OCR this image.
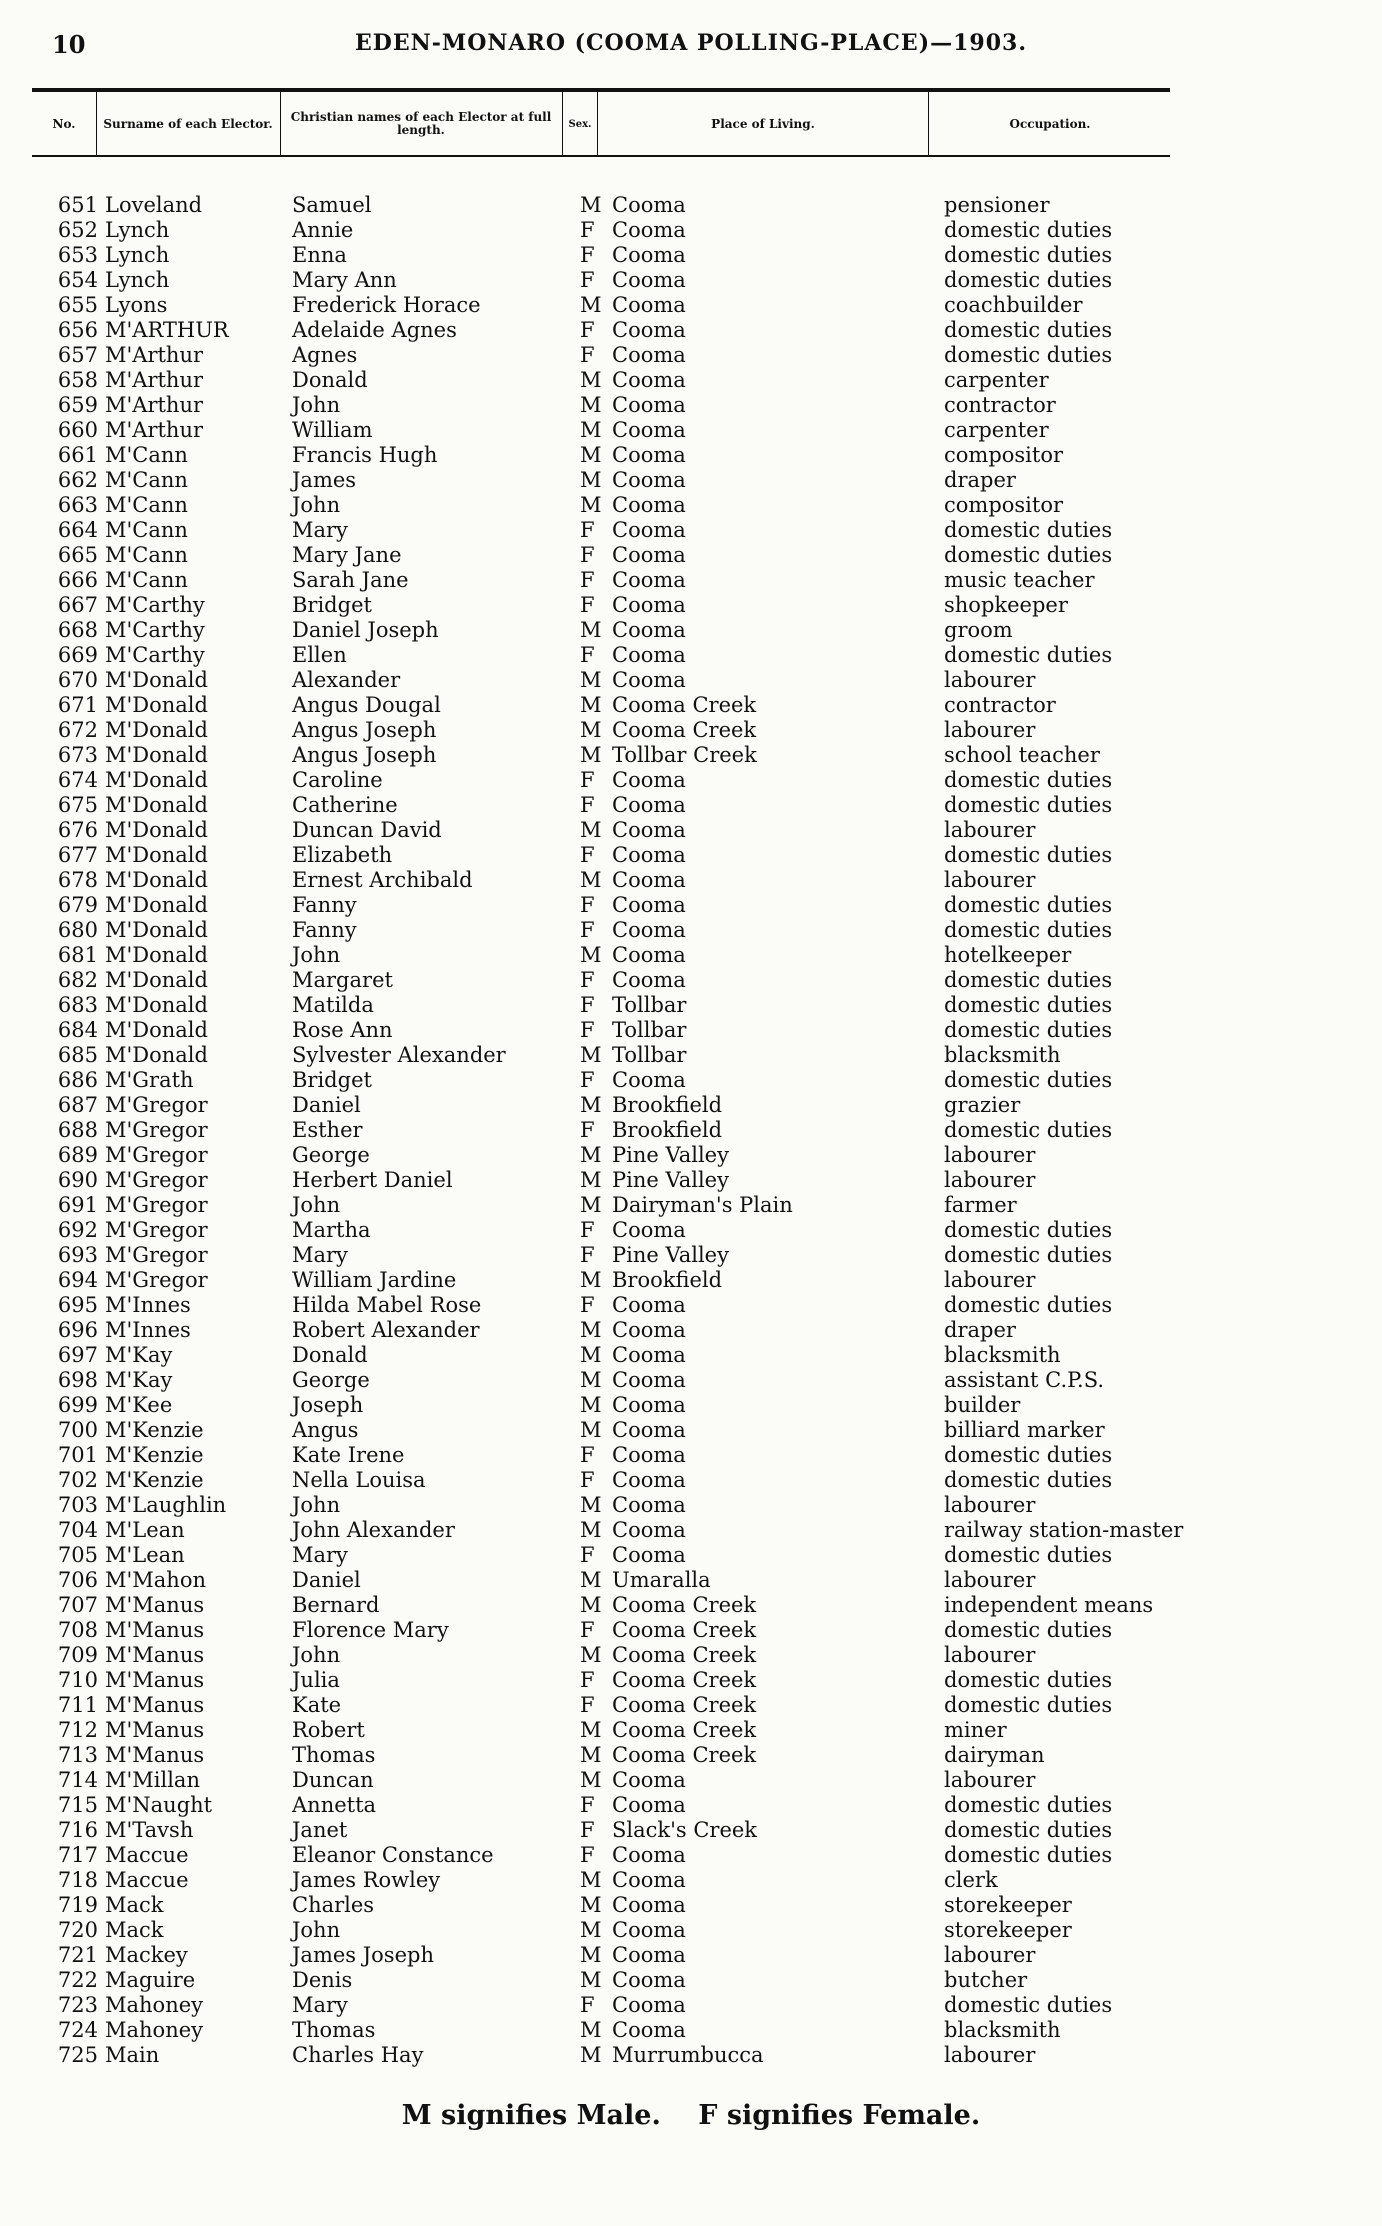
10	EDEN-MONARO (COOMA POLLING-PLACE)—1903.
No.	Surname of each Elector.	Christian names of each Elector at full length.	Sex.	Place of Living.	Occupation.
651 Loveland	Samuel	M Cooma	pensioner
652 Lynch	Annie	F Cooma	domestic duties
653 Lynch	Enna	F Cooma	domestic duties
654 Lynch	Mary Ann	F Cooma	domestic duties
655 Lyons	Frederick Horace	M Cooma	coachbuilder
656 M'ARTHUR	Adelaide Agnes	F Cooma	domestic duties
657 M'Arthur	Agnes	F Cooma	domestic duties
658 M'Arthur	Donald	M Cooma	carpenter
659 M'Arthur	John	M Cooma	contractor
660 M'Arthur	William	M Cooma	carpenter
661 M'Cann	Francis Hugh	M Cooma	compositor
662 M'Cann	James	M Cooma	draper
663 M'Cann	John	M Cooma	compositor
664 M'Cann	Mary	F Cooma	domestic duties
665 M'Cann	Mary Jane	F Cooma	domestic duties
666 M'Cann	Sarah Jane	F Cooma	music teacher
667 M'Carthy	Bridget	F Cooma	shopkeeper
668 M'Carthy	Daniel Joseph	M Cooma	groom
669 M'Carthy	Ellen	F Cooma	domestic duties
670 M'Donald	Alexander	M Cooma	labourer
671 M'Donald	Angus Dougal	M Cooma Creek	contractor
672 M'Donald	Angus Joseph	M Cooma Creek	labourer
673 M'Donald	Angus Joseph	M Tollbar Creek	school teacher
674 M'Donald	Caroline	F Cooma	domestic duties
675 M'Donald	Catherine	F Cooma	domestic duties
676 M'Donald	Duncan David	M Cooma	labourer
677 M'Donald	Elizabeth	F Cooma	domestic duties
678 M'Donald	Ernest Archibald	M Cooma	labourer
679 M'Donald	Fanny	F Cooma	domestic duties
680 M'Donald	Fanny	F Cooma	domestic duties
681 M'Donald	John	M Cooma	hotelkeeper
682 M'Donald	Margaret	F Cooma	domestic duties
683 M'Donald	Matilda	F Tollbar	domestic duties
684 M'Donald	Rose Ann	F Tollbar	domestic duties
685 M'Donald	Sylvester Alexander	M Tollbar	blacksmith
686 M'Grath	Bridget	F Cooma	domestic duties
687 M'Gregor	Daniel	M Brookfield	grazier
688 M'Gregor	Esther	F Brookfield	domestic duties
689 M'Gregor	George	M Pine Valley	labourer
690 M'Gregor	Herbert Daniel	M Pine Valley	labourer
691 M'Gregor	John	M Dairyman's Plain	farmer
692 M'Gregor	Martha	F Cooma	domestic duties
693 M'Gregor	Mary	F Pine Valley	domestic duties
694 M'Gregor	William Jardine	M Brookfield	labourer
695 M'Innes	Hilda Mabel Rose	F Cooma	domestic duties
696 M'Innes	Robert Alexander	M Cooma	draper
697 M'Kay	Donald	M Cooma	blacksmith
698 M'Kay	George	M Cooma	assistant C.P.S.
699 M'Kee	Joseph	M Cooma	builder
700 M'Kenzie	Angus	M Cooma	billiard marker
701 M'Kenzie	Kate Irene	F Cooma	domestic duties
702 M'Kenzie	Nella Louisa	F Cooma	domestic duties
703 M'Laughlin	John	M Cooma	labourer
704 M'Lean	John Alexander	M Cooma	railway station-master
705 M'Lean	Mary	F Cooma	domestic duties
706 M'Mahon	Daniel	M Umaralla	labourer
707 M'Manus	Bernard	M Cooma Creek	independent means
708 M'Manus	Florence Mary	F Cooma Creek	domestic duties
709 M'Manus	John	M Cooma Creek	labourer
710 M'Manus	Julia	F Cooma Creek	domestic duties
711 M'Manus	Kate	F Cooma Creek	domestic duties
712 M'Manus	Robert	M Cooma Creek	miner
713 M'Manus	Thomas	M Cooma Creek	dairyman
714 M'Millan	Duncan	M Cooma	labourer
715 M'Naught	Annetta	F Cooma	domestic duties
716 M'Tavsh	Janet	F Slack's Creek	domestic duties
717 Maccue	Eleanor Constance	F Cooma	domestic duties
718 Maccue	James Rowley	M Cooma	clerk
719 Mack	Charles	M Cooma	storekeeper
720 Mack	John	M Cooma	storekeeper
721 Mackey	James Joseph	M Cooma	labourer
722 Maguire	Denis	M Cooma	butcher
723 Mahoney	Mary	F Cooma	domestic duties
724 Mahoney	Thomas	M Cooma	blacksmith
725 Main	Charles Hay	M Murrumbucca	labourer
M signifies Male. F signifies Female.
